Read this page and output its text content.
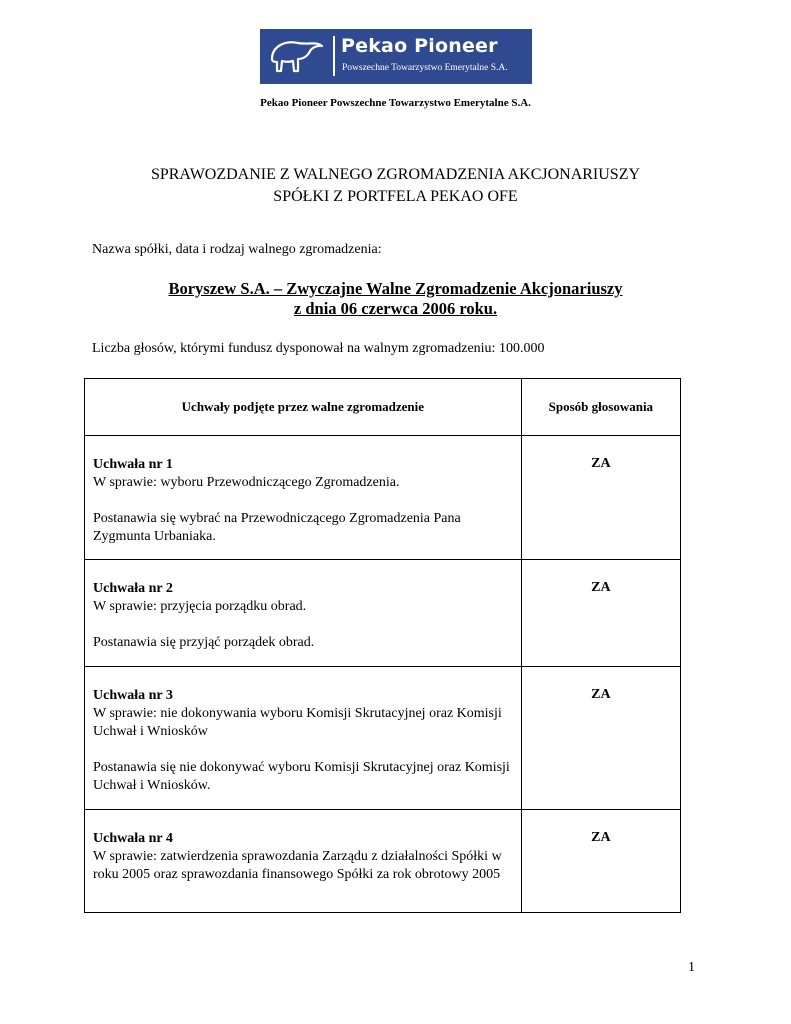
Pekao Pioneer
Powszechne Towarzystwo Emerytalne S.A.
Pekao Pioneer Powszechne Towarzystwo Emerytalne S.A.
SPRAWOZDANIE Z WALNEGO ZGROMADZENIA AKCJONARIUSZY
SPÓŁKI Z PORTFELA PEKAO OFE
Nazwa spółki, data i rodzaj walnego zgromadzenia:
Boryszew S.A. – Zwyczajne Walne Zgromadzenie Akcjonariuszy
z dnia 06 czerwca 2006 roku.
Liczba głosów, którymi fundusz dysponował na walnym zgromadzeniu: 100.000
Uchwały podjęte przez walne zgromadzenie	Sposób głosowania

Uchwała nr 1
W sprawie: wyboru Przewodniczącego Zgromadzenia.
Postanawia się wybrać na Przewodniczącego Zgromadzenia Pana Zygmunta Urbaniaka.	ZA

Uchwała nr 2
W sprawie: przyjęcia porządku obrad.
Postanawia się przyjąć porządek obrad.	ZA

Uchwała nr 3
W sprawie: nie dokonywania wyboru Komisji Skrutacyjnej oraz Komisji Uchwał i Wniosków
Postanawia się nie dokonywać wyboru Komisji Skrutacyjnej oraz Komisji Uchwał i Wniosków.	ZA

Uchwała nr 4
W sprawie: zatwierdzenia sprawozdania Zarządu z działalności Spółki w roku 2005 oraz sprawozdania finansowego Spółki za rok obrotowy 2005	ZA
1
